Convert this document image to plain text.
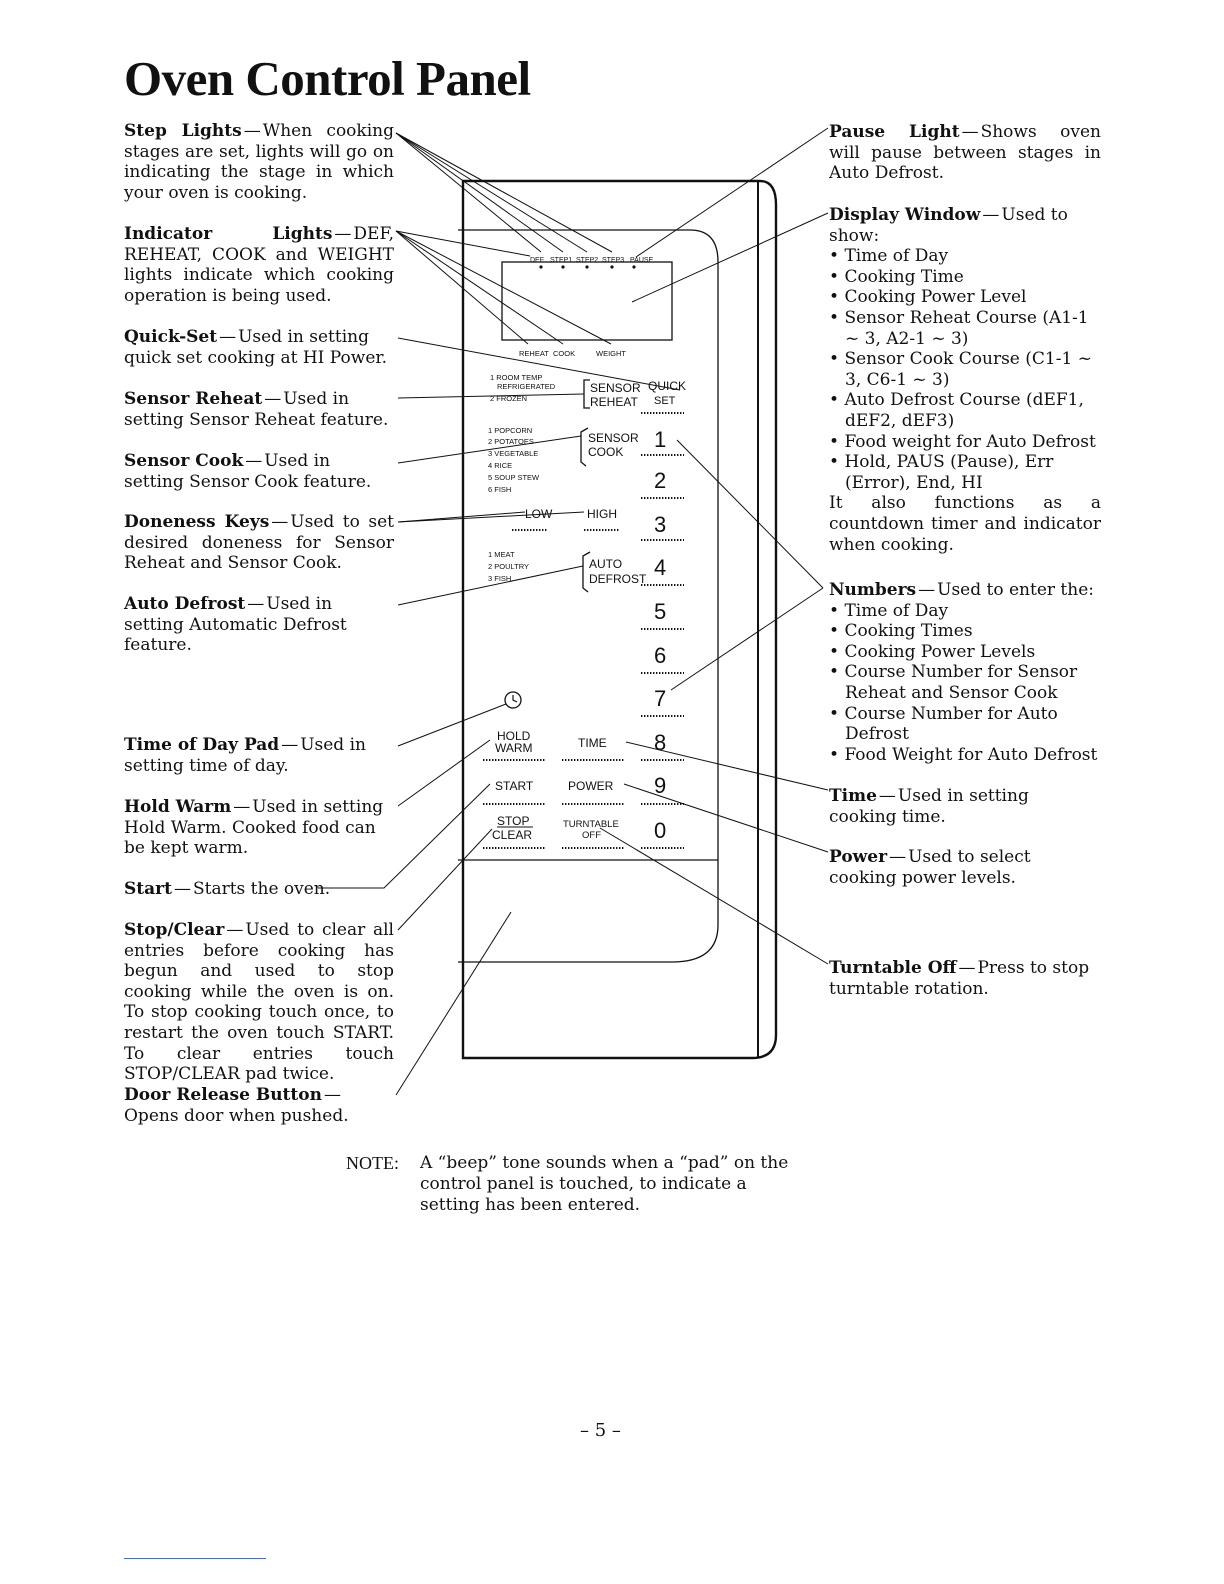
Oven Control Panel

Step Lights — When cooking stages are set, lights will go on indicating the stage in which your oven is cooking.

Indicator Lights — DEF, REHEAT, COOK and WEIGHT lights indicate which cooking operation is being used.

Quick-Set — Used in setting quick set cooking at HI Power.

Sensor Reheat — Used in setting Sensor Reheat feature.

Sensor Cook — Used in setting Sensor Cook feature.

Doneness Keys — Used to set desired doneness for Sensor Reheat and Sensor Cook.

Auto Defrost — Used in setting Automatic Defrost feature.

Time of Day Pad — Used in setting time of day.

Hold Warm — Used in setting Hold Warm. Cooked food can be kept warm.

Start — Starts the oven.

Stop/Clear — Used to clear all entries before cooking has begun and used to stop cooking while the oven is on. To stop cooking touch once, to restart the oven touch START. To clear entries touch STOP/CLEAR pad twice.

Door Release Button —Opens door when pushed.

Pause Light — Shows oven will pause between stages in Auto Defrost.

Display Window — Used to show:
• Time of Day
• Cooking Time
• Cooking Power Level
• Sensor Reheat Course (A1-1 ~ 3, A2-1 ~ 3)
• Sensor Cook Course (C1-1 ~ 3, C6-1 ~ 3)
• Auto Defrost Course (dEF1, dEF2, dEF3)
• Food weight for Auto Defrost
• Hold, PAUS (Pause), Err (Error), End, HI
It also functions as a countdown timer and indicator when cooking.
Numbers — Used to enter the:
• Time of Day
• Cooking Times
• Cooking Power Levels
• Course Number for Sensor Reheat and Sensor Cook
• Course Number for Auto Defrost
• Food Weight for Auto Defrost

Time — Used in setting cooking time.

Power — Used to select cooking power levels.

Turntable Off — Press to stop turntable rotation.

DEF STEP1 STEP2 STEP3 PAUSE
REHEAT COOK	WEIGHT
1 ROOM TEMP
REFRIGERATED
2 FROZEN
SENSOR
REHEAT
QUICK
SET
1 POPCORN
2 POTATOES
3 VEGETABLE
4 RICE
5 SOUP STEW
6 FISH
SENSOR
COOK
LOW	HIGH
1 MEAT
2 POULTRY
3 FISH
AUTO
DEFROST
1
2
3
4
5
6
7
8
9
0
HOLD
WARM	TIME
START	POWER
STOP
CLEAR
TURNTABLE
OFF
NOTE:	A “beep” tone sounds when a “pad” on the control panel is touched, to indicate a setting has been entered.
– 5 –
